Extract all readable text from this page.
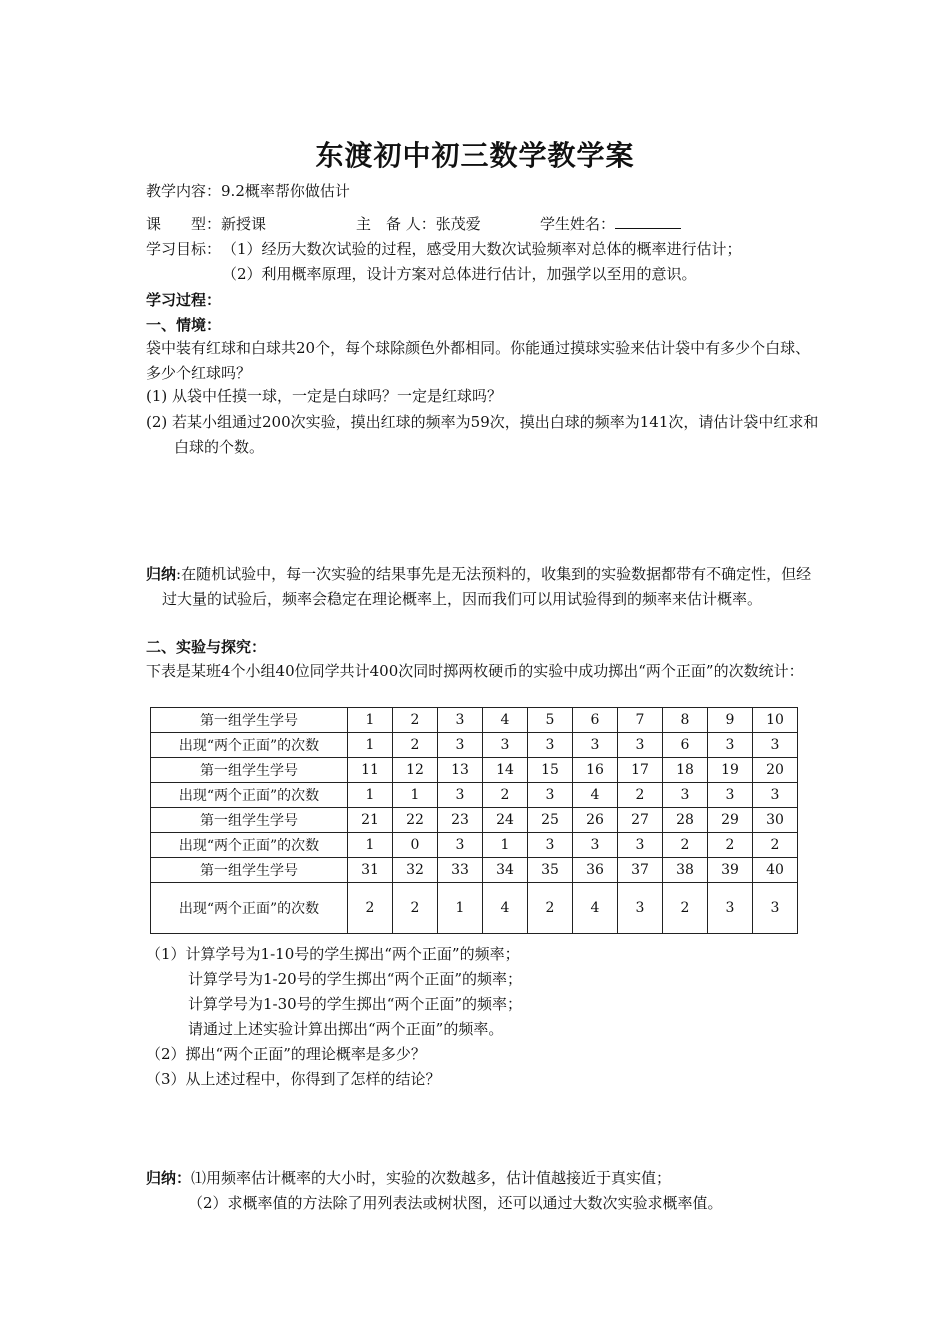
东渡初中初三数学教学案
教学内容：9.2概率帮你做估计
课　　型：新授课	主　备 人：张茂爱	学生姓名：
学习目标： （1）经历大数次试验的过程，感受用大数次试验频率对总体的概率进行估计；
（2）利用概率原理，设计方案对总体进行估计，加强学以至用的意识。
学习过程：
一、情境：
袋中装有红球和白球共20个，每个球除颜色外都相同。你能通过摸球实验来估计袋中有多少个白球、多少个红球吗？
(1) 从袋中任摸一球，一定是白球吗？一定是红球吗？
(2) 若某小组通过200次实验，摸出红球的频率为59次，摸出白球的频率为141次，请估计袋中红求和白球的个数。
归纳:在随机试验中，每一次实验的结果事先是无法预料的，收集到的实验数据都带有不确定性，但经过大量的试验后，频率会稳定在理论概率上，因而我们可以用试验得到的频率来估计概率。
二、实验与探究：
下表是某班4个小组40位同学共计400次同时掷两枚硬币的实验中成功掷出“两个正面”的次数统计：
第一组学生学号	1	2	3	4	5	6	7	8	9	10
出现“两个正面”的次数	1	2	3	3	3	3	3	6	3	3
第一组学生学号	11	12	13	14	15	16	17	18	19	20
出现“两个正面”的次数	1	1	3	2	3	4	2	3	3	3
第一组学生学号	21	22	23	24	25	26	27	28	29	30
出现“两个正面”的次数	1	0	3	1	3	3	3	2	2	2
第一组学生学号	31	32	33	34	35	36	37	38	39	40
出现“两个正面”的次数	2	2	1	4	2	4	3	2	3	3
（1）计算学号为1-10号的学生掷出“两个正面”的频率；
计算学号为1-20号的学生掷出“两个正面”的频率；
计算学号为1-30号的学生掷出“两个正面”的频率；
请通过上述实验计算出掷出“两个正面”的频率。
（2）掷出“两个正面”的理论概率是多少？
（3）从上述过程中，你得到了怎样的结论？
归纳：⑴用频率估计概率的大小时，实验的次数越多，估计值越接近于真实值；
（2）求概率值的方法除了用列表法或树状图，还可以通过大数次实验求概率值。
